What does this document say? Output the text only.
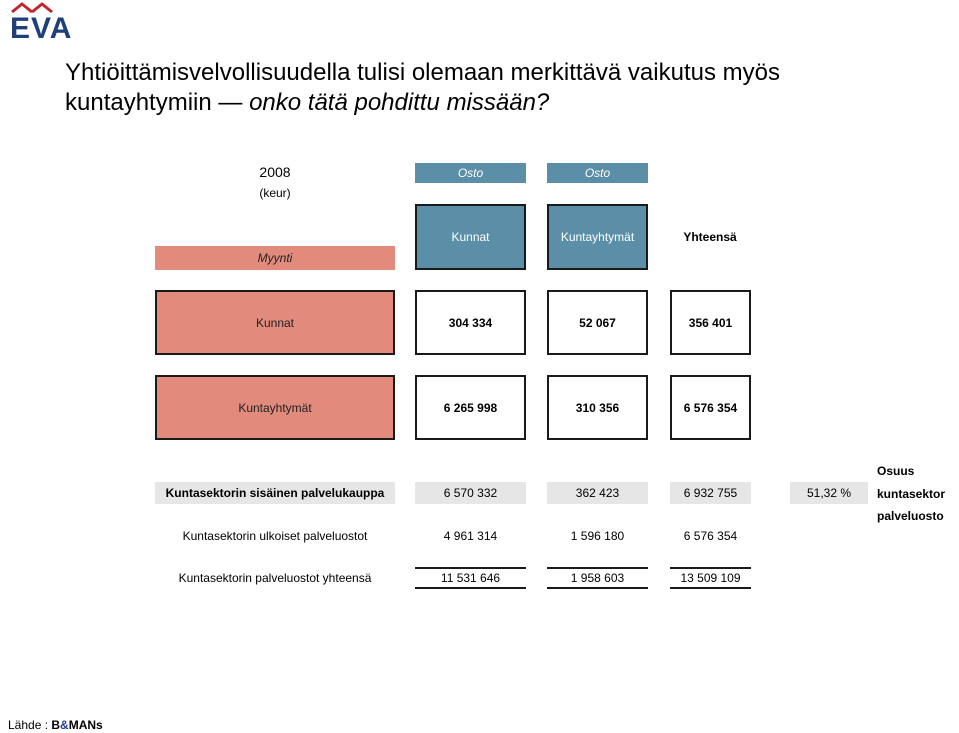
EVA
Yhtiöittämisvelvollisuudella tulisi olemaan merkittävä vaikutus myös
kuntayhtymiin — onko tätä pohdittu missään?
2008
(keur)
Osto	Osto
Kunnat	Kuntayhtymät	Yhteensä
Myynti
Kunnat	304 334	52 067	356 401
Kuntayhtymät	6 265 998	310 356	6 576 354
Kuntasektorin sisäinen palvelukauppa	6 570 332	362 423	6 932 755	51,32 %
Osuus
kuntasektor
palveluosto
Kuntasektorin ulkoiset palveluostot	4 961 314	1 596 180	6 576 354
Kuntasektorin palveluostot yhteensä	11 531 646	1 958 603	13 509 109
Lähde : B&MANs
